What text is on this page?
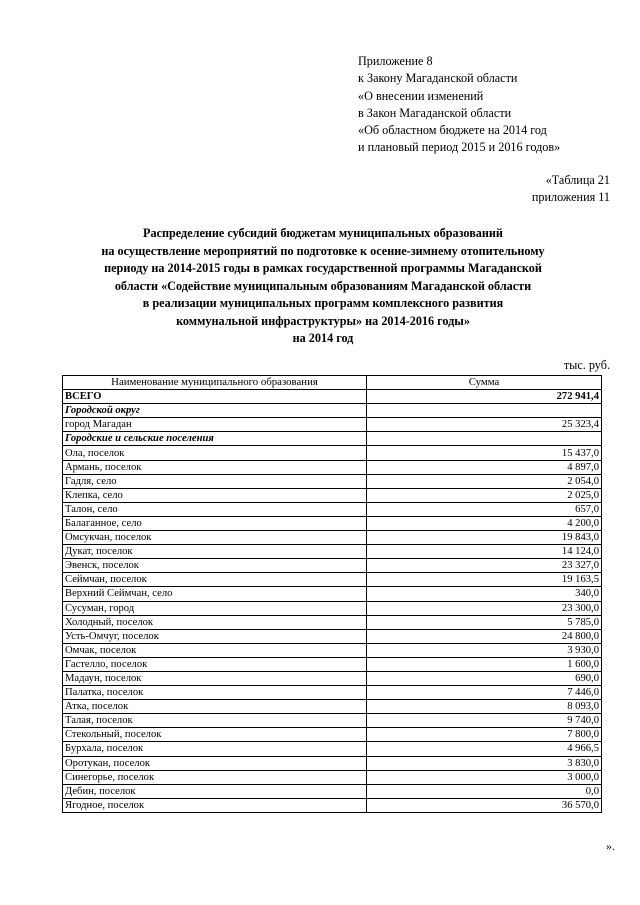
Приложение 8
к Закону Магаданской области
«О внесении изменений
в Закон Магаданской области
«Об областном бюджете на 2014 год
и плановый период 2015 и 2016 годов»
«Таблица 21
приложения 11
Распределение субсидий бюджетам муниципальных образований
на осуществление мероприятий по подготовке к осенне-зимнему отопительному
периоду на 2014-2015 годы в рамках государственной программы Магаданской
области «Содействие муниципальным образованиям Магаданской области
в реализации муниципальных программ комплексного развития
коммунальной инфраструктуры» на 2014-2016 годы»
на 2014 год
тыс. руб.
Наименование муниципального образования	Сумма
ВСЕГО	272 941,4
Городской округ	
город Магадан	25 323,4
Городские и сельские поселения	
Ола, поселок	15 437,0
Армань, поселок	4 897,0
Гадля, село	2 054,0
Клепка, село	2 025,0
Талон, село	657,0
Балаганное, село	4 200,0
Омсукчан, поселок	19 843,0
Дукат, поселок	14 124,0
Эвенск, поселок	23 327,0
Сеймчан, поселок	19 163,5
Верхний Сеймчан, село	340,0
Сусуман, город	23 300,0
Холодный, поселок	5 785,0
Усть-Омчуг, поселок	24 800,0
Омчак, поселок	3 930,0
Гастелло, поселок	1 600,0
Мадаун, поселок	690,0
Палатка, поселок	7 446,0
Атка, поселок	8 093,0
Талая, поселок	9 740,0
Стекольный, поселок	7 800,0
Бурхала, поселок	4 966,5
Оротукан, поселок	3 830,0
Синегорье, поселок	3 000,0
Дебин, поселок	0,0
Ягодное, поселок	36 570,0
».
